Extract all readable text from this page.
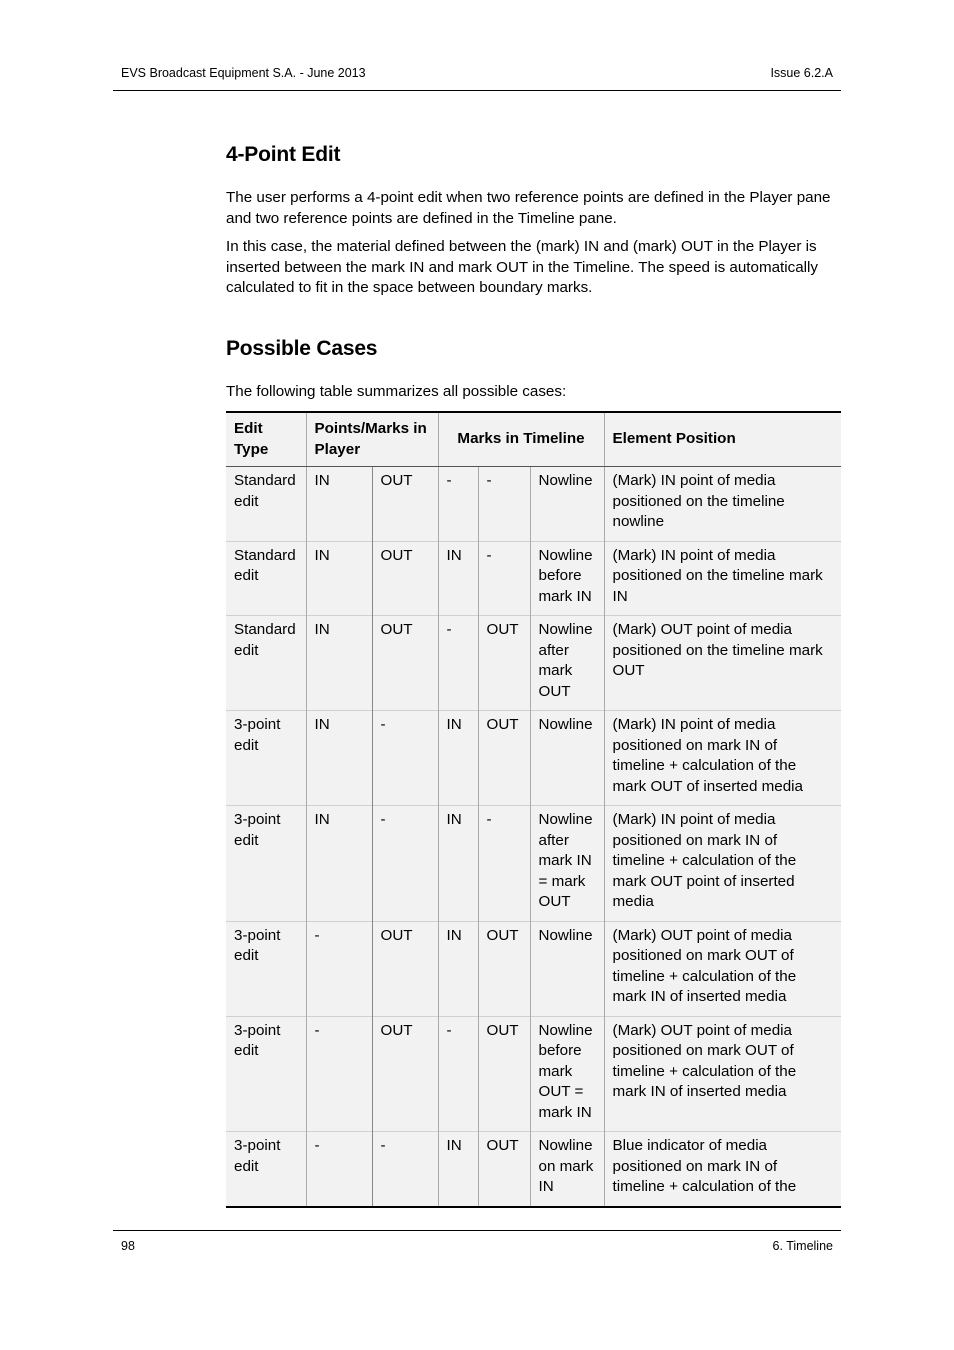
EVS Broadcast Equipment S.A. - June 2013	Issue 6.2.A
4-Point Edit

The user performs a 4-point edit when two reference points are defined in the Player pane and two reference points are defined in the Timeline pane.

In this case, the material defined between the (mark) IN and (mark) OUT in the Player is inserted between the mark IN and mark OUT in the Timeline. The speed is automatically calculated to fit in the space between boundary marks.

Possible Cases

The following table summarizes all possible cases:

Edit Type	Points/Marks in Player		Marks in Timeline			Element Position
Standard edit	IN	OUT	-	-	Nowline	(Mark) IN point of media positioned on the timeline nowline
Standard edit	IN	OUT	IN	-	Nowline before mark IN	(Mark) IN point of media positioned on the timeline mark IN
Standard edit	IN	OUT	-	OUT	Nowline after mark OUT	(Mark) OUT point of media positioned on the timeline mark OUT
3-point edit	IN	-	IN	OUT	Nowline	(Mark) IN point of media positioned on mark IN of timeline + calculation of the mark OUT of inserted media
3-point edit	IN	-	IN	-	Nowline after mark IN = mark OUT	(Mark) IN point of media positioned on mark IN of timeline + calculation of the mark OUT point of inserted media
3-point edit	-	OUT	IN	OUT	Nowline	(Mark) OUT point of media positioned on mark OUT of timeline + calculation of the mark IN of inserted media
3-point edit	-	OUT	-	OUT	Nowline before mark OUT = mark IN	(Mark) OUT point of media positioned on mark OUT of timeline + calculation of the mark IN of inserted media
3-point edit	-	-	IN	OUT	Nowline on mark IN	Blue indicator of media positioned on mark IN of timeline + calculation of the
98	6. Timeline
